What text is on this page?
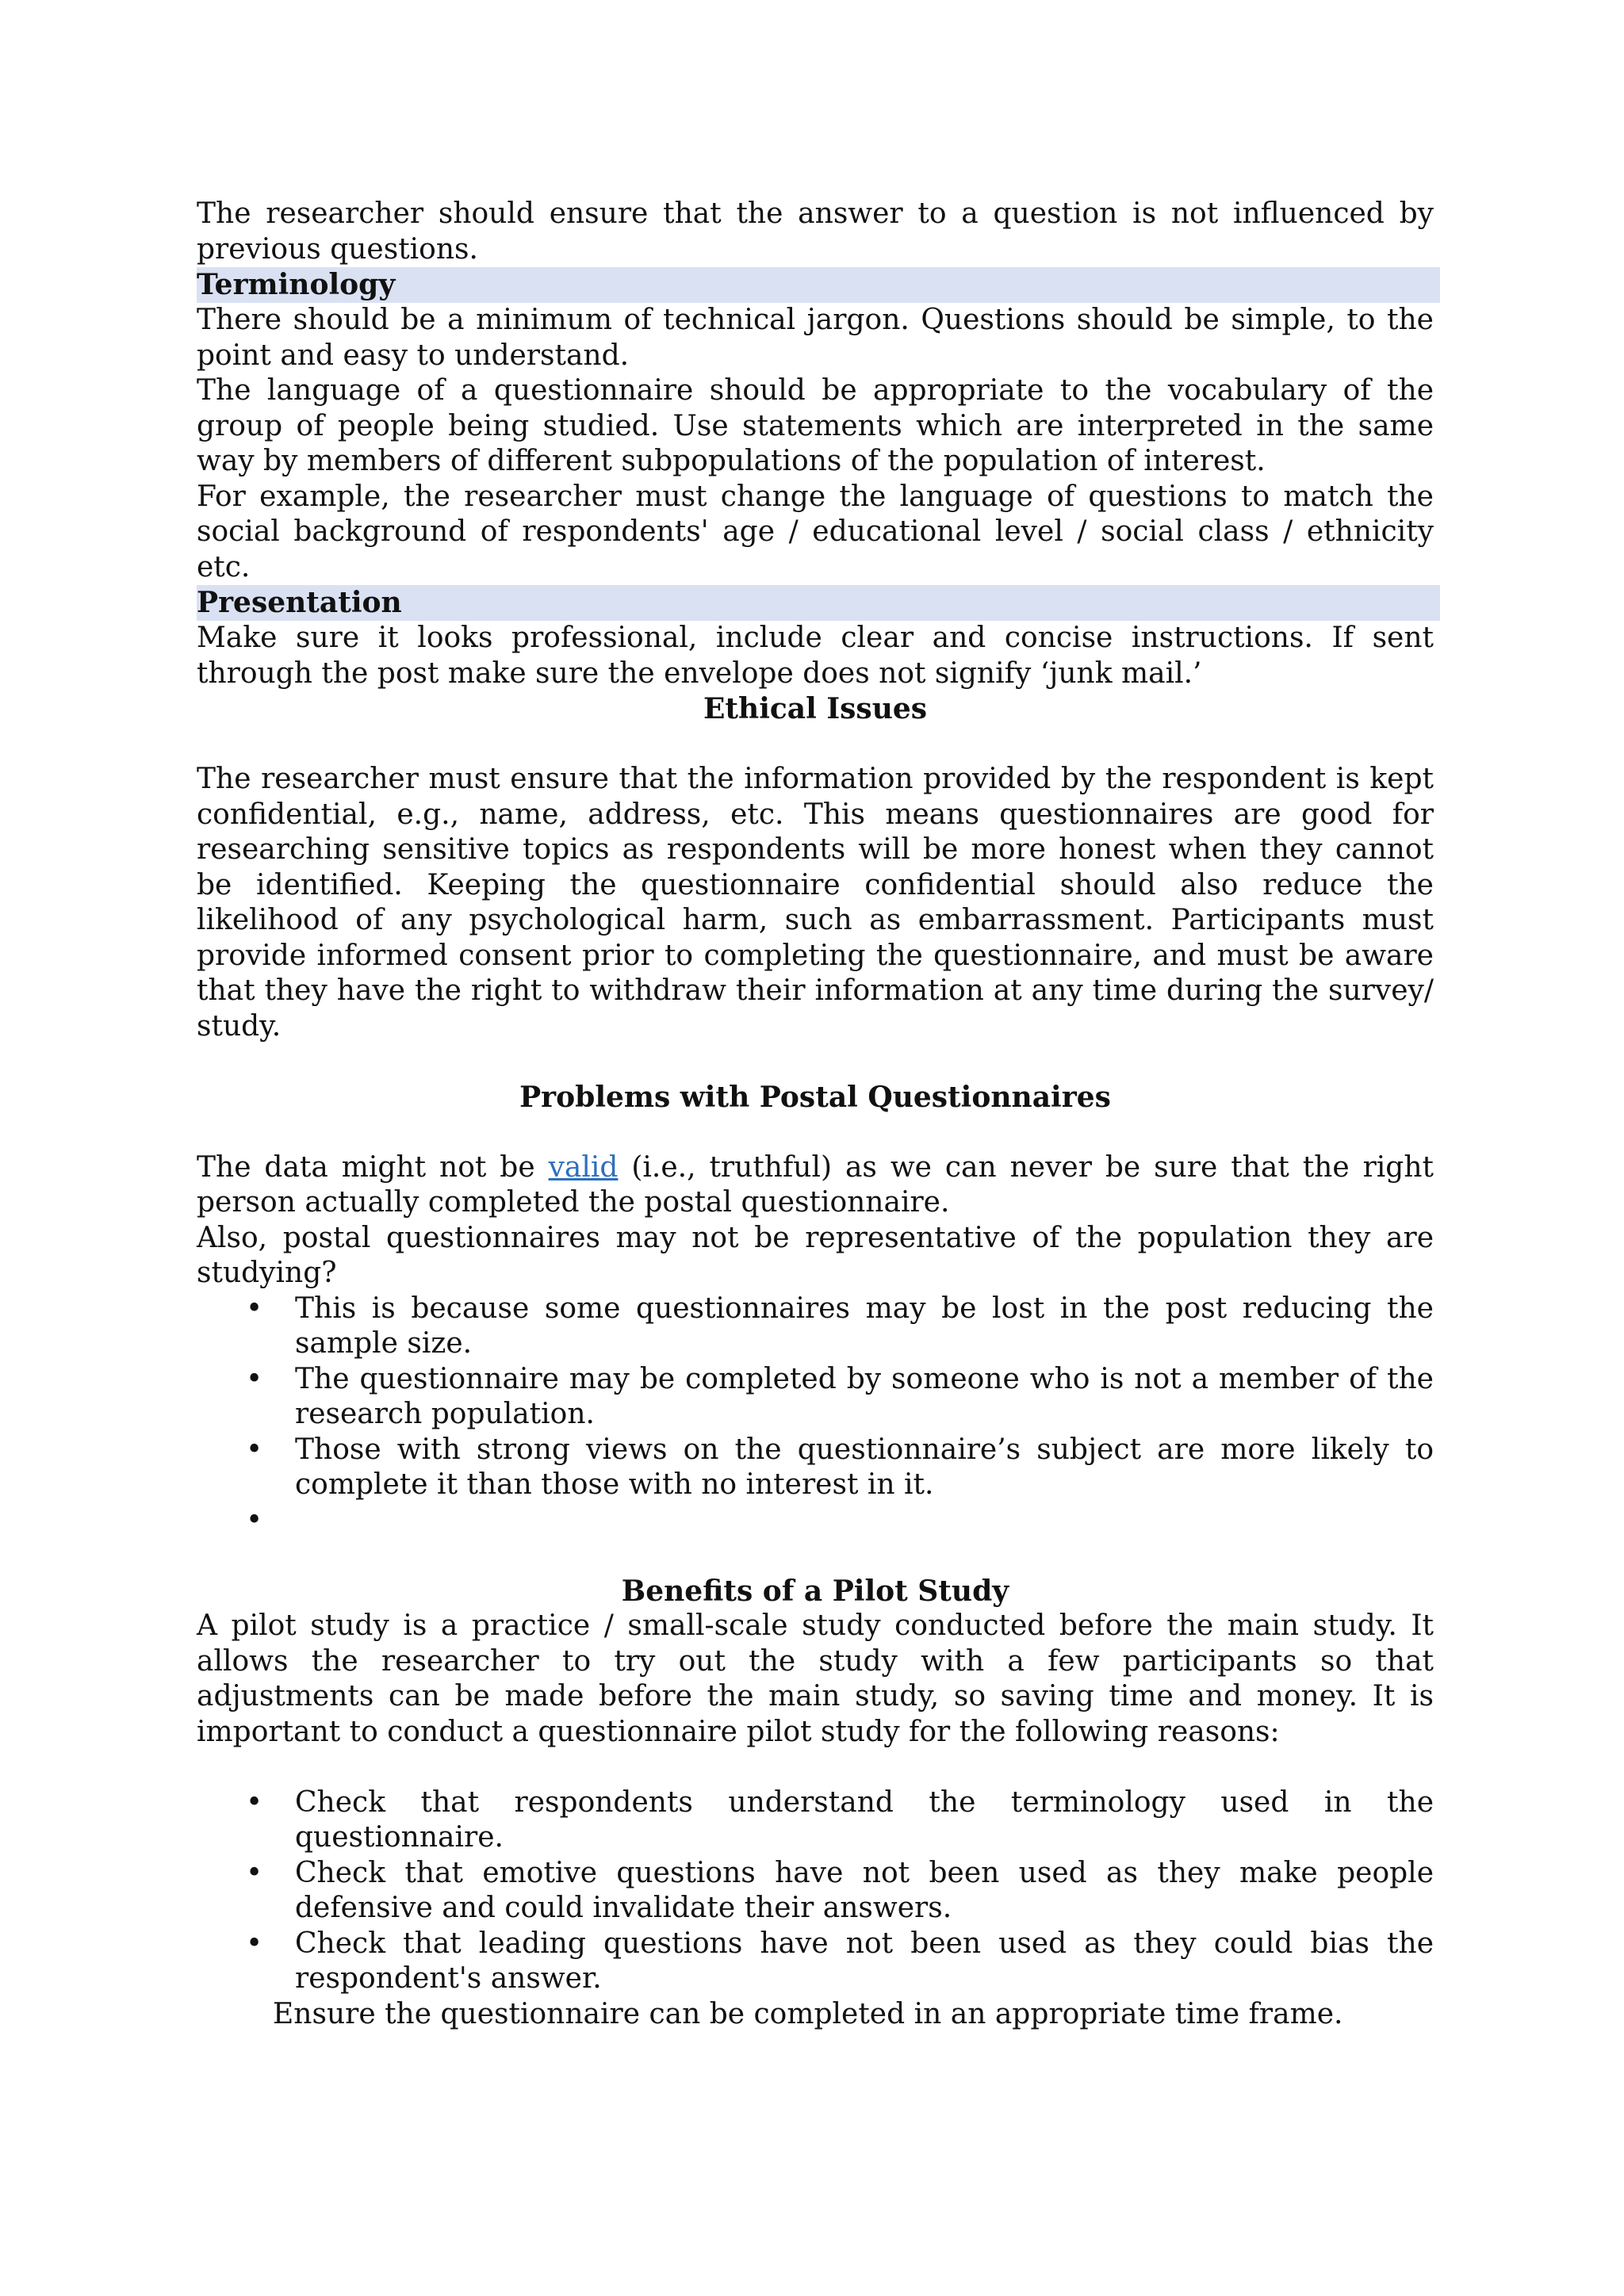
The researcher should ensure that the answer to a question is not influenced by previous questions.

Terminology

There should be a minimum of technical jargon. Questions should be simple, to the point and easy to understand.

The language of a questionnaire should be appropriate to the vocabulary of the group of people being studied. Use statements which are interpreted in the same way by members of different subpopulations of the population of interest.

For example, the researcher must change the language of questions to match the social background of respondents' age / educational level / social class / ethnicity etc.

Presentation

Make sure it looks professional, include clear and concise instructions. If sent through the post make sure the envelope does not signify ‘junk mail.’

Ethical Issues

The researcher must ensure that the information provided by the respondent is kept confidential, e.g., name, address, etc. This means questionnaires are good for researching sensitive topics as respondents will be more honest when they cannot be identified. Keeping the questionnaire confidential should also reduce the likelihood of any psychological harm, such as embarrassment. Participants must provide informed consent prior to completing the questionnaire, and must be aware that they have the right to withdraw their information at any time during the survey/ study.

Problems with Postal Questionnaires

The data might not be valid (i.e., truthful) as we can never be sure that the right person actually completed the postal questionnaire.

Also, postal questionnaires may not be representative of the population they are studying?

• This is because some questionnaires may be lost in the post reducing the sample size.
• The questionnaire may be completed by someone who is not a member of the research population.
• Those with strong views on the questionnaire’s subject are more likely to complete it than those with no interest in it.
•

Benefits of a Pilot Study

A pilot study is a practice / small-scale study conducted before the main study. It allows the researcher to try out the study with a few participants so that adjustments can be made before the main study, so saving time and money. It is important to conduct a questionnaire pilot study for the following reasons:

• Check that respondents understand the terminology used in the questionnaire.
• Check that emotive questions have not been used as they make people defensive and could invalidate their answers.
• Check that leading questions have not been used as they could bias the respondent's answer.

Ensure the questionnaire can be completed in an appropriate time frame.
